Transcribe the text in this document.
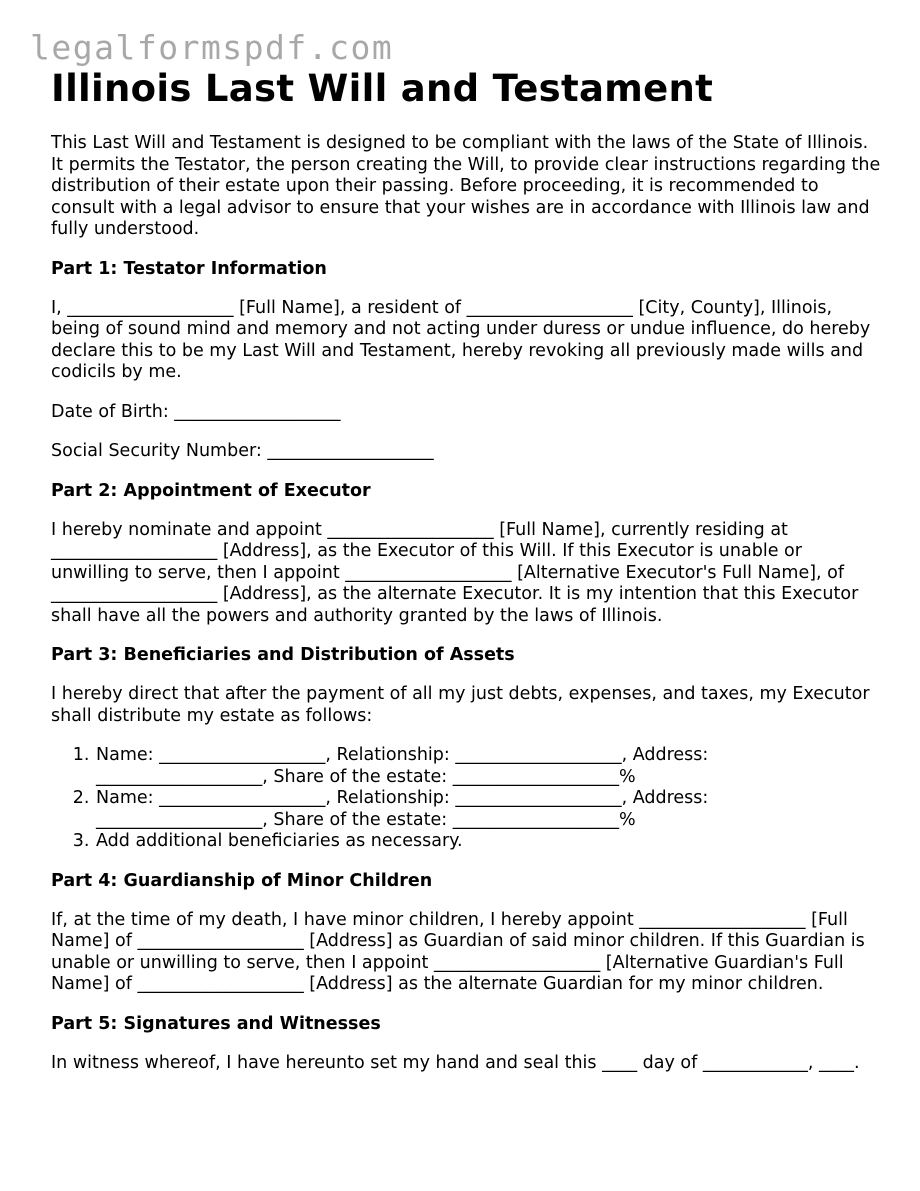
legalformspdf.com
Illinois Last Will and Testament

This Last Will and Testament is designed to be compliant with the laws of the State of Illinois. It permits the Testator, the person creating the Will, to provide clear instructions regarding the distribution of their estate upon their passing. Before proceeding, it is recommended to consult with a legal advisor to ensure that your wishes are in accordance with Illinois law and fully understood.

Part 1: Testator Information

I, ___________________ [Full Name], a resident of ___________________ [City, County], Illinois, being of sound mind and memory and not acting under duress or undue influence, do hereby declare this to be my Last Will and Testament, hereby revoking all previously made wills and codicils by me.

Date of Birth: ___________________

Social Security Number: ___________________

Part 2: Appointment of Executor

I hereby nominate and appoint ___________________ [Full Name], currently residing at ___________________ [Address], as the Executor of this Will. If this Executor is unable or unwilling to serve, then I appoint ___________________ [Alternative Executor's Full Name], of ___________________ [Address], as the alternate Executor. It is my intention that this Executor shall have all the powers and authority granted by the laws of Illinois.

Part 3: Beneficiaries and Distribution of Assets

I hereby direct that after the payment of all my just debts, expenses, and taxes, my Executor shall distribute my estate as follows:

1. Name: ___________________, Relationship: ___________________, Address: ___________________, Share of the estate: ___________________%
2. Name: ___________________, Relationship: ___________________, Address: ___________________, Share of the estate: ___________________%
3. Add additional beneficiaries as necessary.
Part 4: Guardianship of Minor Children

If, at the time of my death, I have minor children, I hereby appoint ___________________ [Full Name] of ___________________ [Address] as Guardian of said minor children. If this Guardian is unable or unwilling to serve, then I appoint ___________________ [Alternative Guardian's Full Name] of ___________________ [Address] as the alternate Guardian for my minor children.

Part 5: Signatures and Witnesses

In witness whereof, I have hereunto set my hand and seal this ____ day of ____________, ____.
